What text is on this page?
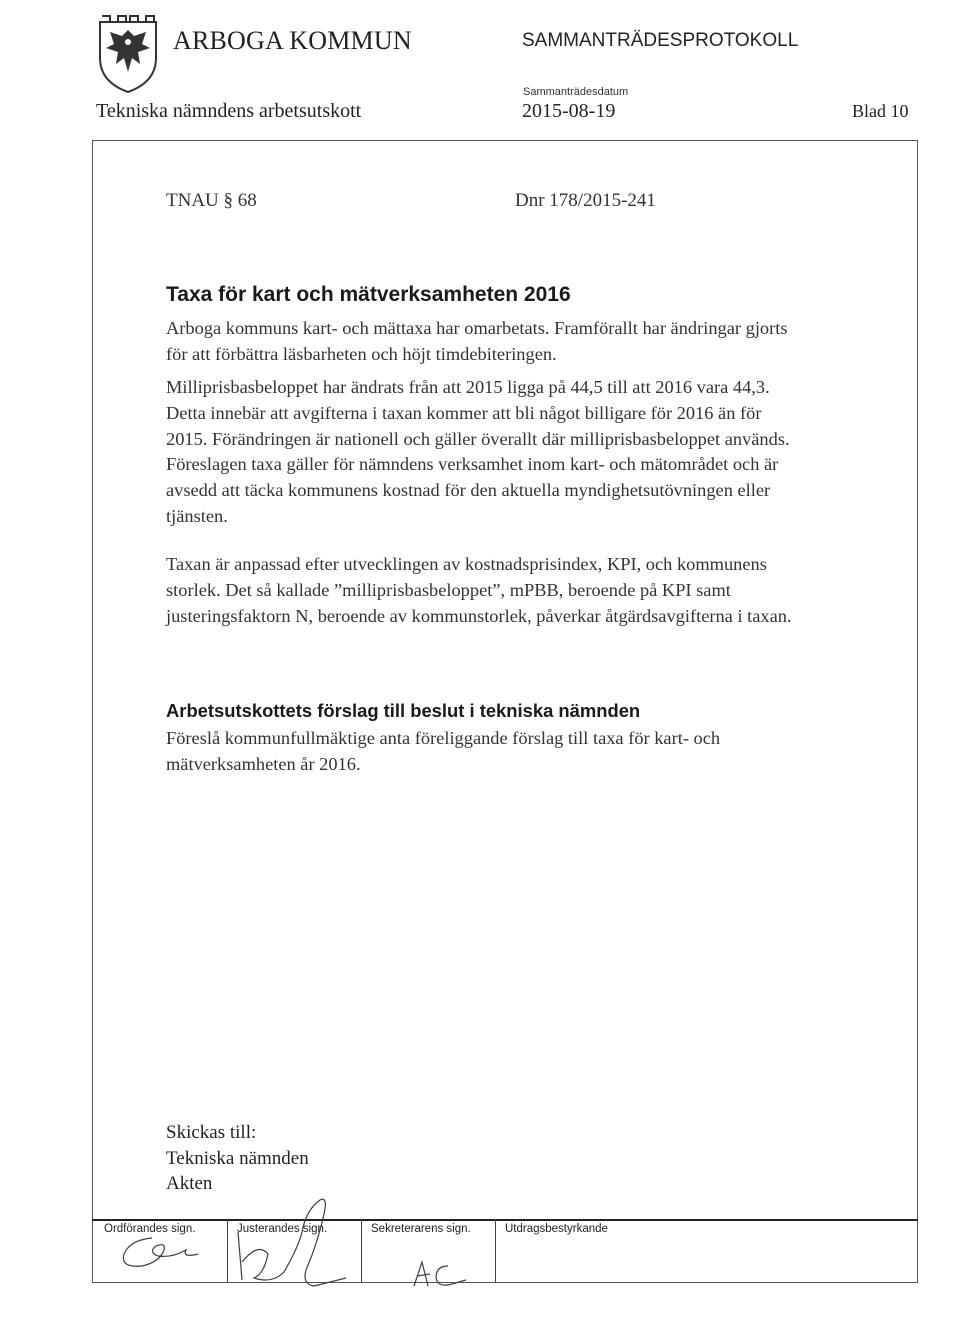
ARBOGA KOMMUN	SAMMANTRÄDESPROTOKOLL
Sammanträdesdatum
Tekniska nämndens arbetsutskott	2015-08-19	Blad 10
TNAU § 68	Dnr 178/2015-241
Taxa för kart och mätverksamheten 2016

Arboga kommuns kart- och mättaxa har omarbetats. Framförallt har ändringar gjorts för att förbättra läsbarheten och höjt timdebiteringen.

Milliprisbasbeloppet har ändrats från att 2015 ligga på 44,5 till att 2016 vara 44,3. Detta innebär att avgifterna i taxan kommer att bli något billigare för 2016 än för 2015. Förändringen är nationell och gäller överallt där milliprisbasbeloppet används. Föreslagen taxa gäller för nämndens verksamhet inom kart- och mätområdet och är avsedd att täcka kommunens kostnad för den aktuella myndighetsutövningen eller tjänsten.

Taxan är anpassad efter utvecklingen av kostnadsprisindex, KPI, och kommunens storlek. Det så kallade ”milliprisbasbeloppet”, mPBB, beroende på KPI samt justeringsfaktorn N, beroende av kommunstorlek, påverkar åtgärdsavgifterna i taxan.

Arbetsutskottets förslag till beslut i tekniska nämnden

Föreslå kommunfullmäktige anta föreliggande förslag till taxa för kart- och mätverksamheten år 2016.

Skickas till:
Tekniska nämnden
Akten
Ordförandes sign.	Justerandes sign.	Sekreterarens sign.	Utdragsbestyrkande
